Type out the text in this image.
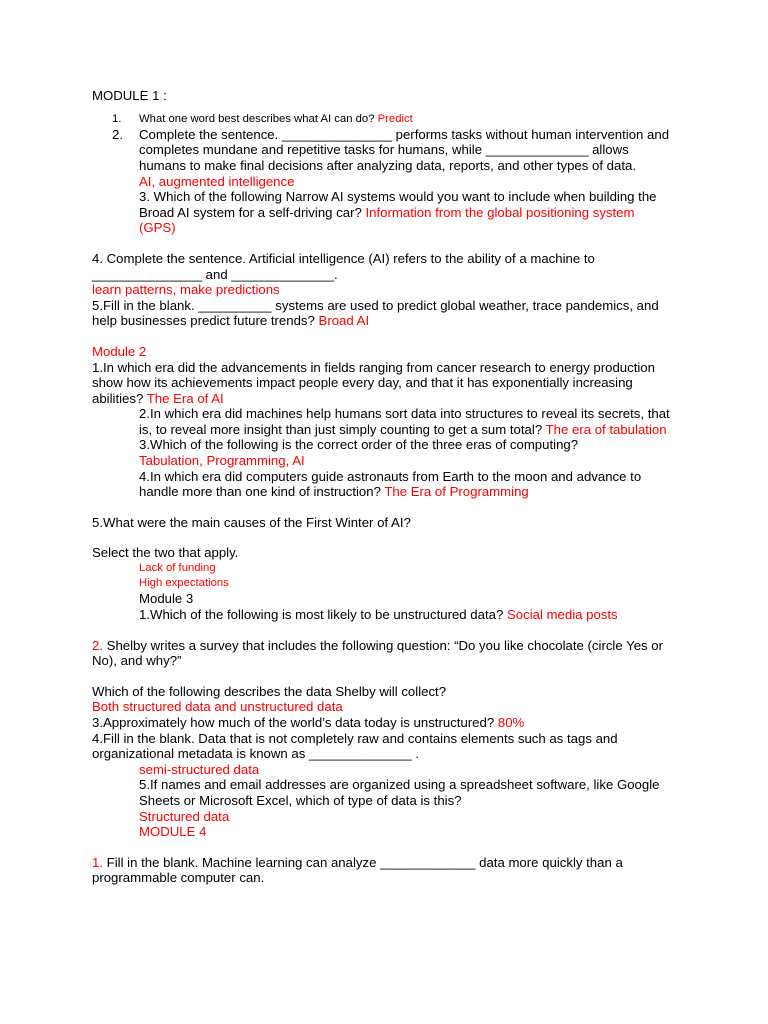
MODULE 1 :

1.	What one word best describes what AI can do? Predict
2.	Complete the sentence. _______________ performs tasks without human intervention and completes mundane and repetitive tasks for humans, while ______________ allows humans to make final decisions after analyzing data, reports, and other types of data.
AI, augmented intelligence
3. Which of the following Narrow AI systems would you want to include when building the Broad AI system for a self-driving car? Information from the global positioning system (GPS)

4. Complete the sentence. Artificial intelligence (AI) refers to the ability of a machine to _______________ and ______________.

learn patterns, make predictions

5.Fill in the blank. __________ systems are used to predict global weather, trace pandemics, and help businesses predict future trends? Broad AI

Module 2

1.In which era did the advancements in fields ranging from cancer research to energy production show how its achievements impact people every day, and that it has exponentially increasing abilities? The Era of AI

2.In which era did machines help humans sort data into structures to reveal its secrets, that is, to reveal more insight than just simply counting to get a sum total? The era of tabulation

3.Which of the following is the correct order of the three eras of computing?
Tabulation, Programming, AI

4.In which era did computers guide astronauts from Earth to the moon and advance to handle more than one kind of instruction? The Era of Programming

5.What were the main causes of the First Winter of AI?

Select the two that apply.

Lack of funding

High expectations

Module 3

1.Which of the following is most likely to be unstructured data? Social media posts

2. Shelby writes a survey that includes the following question: “Do you like chocolate (circle Yes or No), and why?”

Which of the following describes the data Shelby will collect?

Both structured data and unstructured data

3.Approximately how much of the world’s data today is unstructured? 80%

4.Fill in the blank. Data that is not completely raw and contains elements such as tags and organizational metadata is known as ______________ .

semi-structured data

5.If names and email addresses are organized using a spreadsheet software, like Google Sheets or Microsoft Excel, which of type of data is this?

Structured data

MODULE 4

1. Fill in the blank. Machine learning can analyze _____________ data more quickly than a programmable computer can.
